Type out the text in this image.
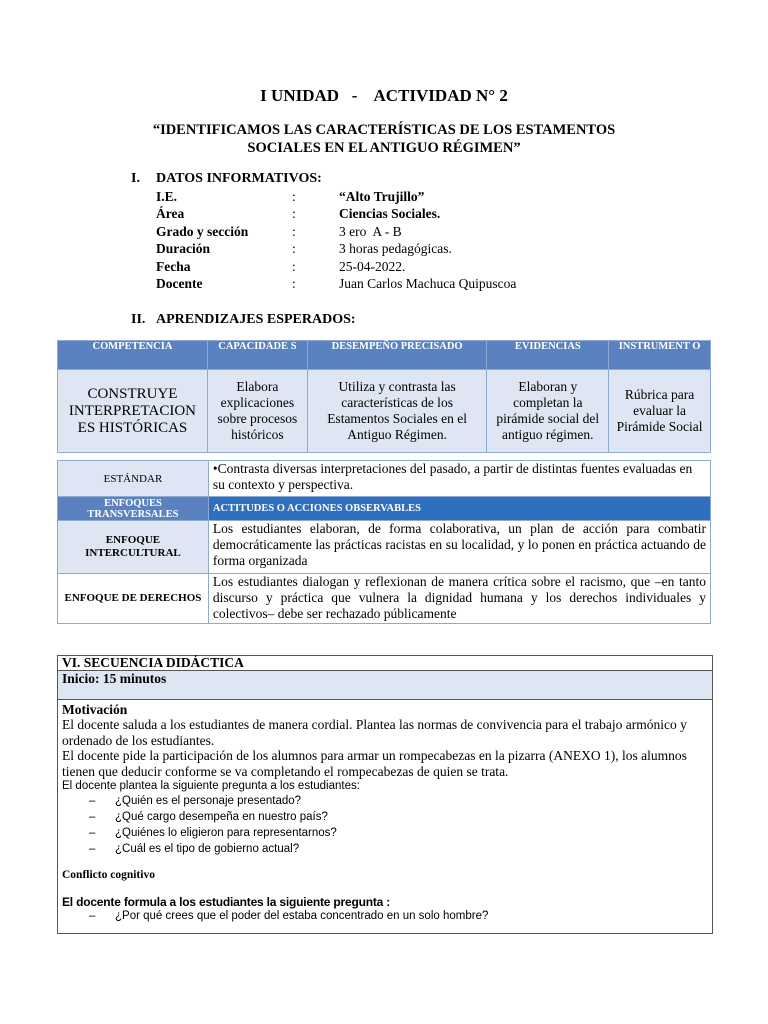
I UNIDAD   -    ACTIVIDAD N° 2
“IDENTIFICAMOS LAS CARACTERÍSTICAS DE LOS ESTAMENTOS
SOCIALES EN EL ANTIGUO RÉGIMEN”
I. DATOS INFORMATIVOS:
I.E.	:	“Alto Trujillo”
Área	:	Ciencias Sociales.
Grado y sección	:	3 ero  A - B
Duración	:	3 horas pedagógicas.
Fecha	:	25-04-2022.
Docente	:	Juan Carlos Machuca Quipuscoa
II. APRENDIZAJES ESPERADOS:
COMPETENCIA	CAPACIDADE S	DESEMPEÑO PRECISADO	EVIDENCIAS	INSTRUMENT O
CONSTRUYE INTERPRETACION ES HISTÓRICAS	Elabora explicaciones sobre procesos históricos	Utiliza y contrasta las características de los Estamentos Sociales en el Antiguo Régimen.	Elaboran y completan la pirámide social del antiguo régimen.	Rúbrica para evaluar la Pirámide Social
ESTÁNDAR	•Contrasta diversas interpretaciones del pasado, a partir de distintas fuentes evaluadas en su contexto y perspectiva.
ENFOQUES TRANSVERSALES	ACTITUDES O ACCIONES OBSERVABLES
ENFOQUE INTERCULTURAL	Los estudiantes elaboran, de forma colaborativa, un plan de acción para combatir democráticamente las prácticas racistas en su localidad, y lo ponen en práctica actuando de forma organizada
ENFOQUE DE DERECHOS	Los estudiantes dialogan y reflexionan de manera crítica sobre el racismo, que –en tanto discurso y práctica que vulnera la dignidad humana y los derechos individuales y colectivos– debe ser rechazado públicamente
VI. SECUENCIA DIDÁCTICA
Inicio: 15 minutos

Motivación
El docente saluda a los estudiantes de manera cordial. Plantea las normas de convivencia para el trabajo armónico y ordenado de los estudiantes.
El docente pide la participación de los alumnos para armar un rompecabezas en la pizarra (ANEXO 1), los alumnos tienen que deducir conforme se va completando el rompecabezas de quien se trata.
El docente plantea la siguiente pregunta a los estudiantes:
– ¿Quién es el personaje presentado?
– ¿Qué cargo desempeña en nuestro país?
– ¿Quiénes lo eligieron para representarnos?
– ¿Cuál es el tipo de gobierno actual?
Conflicto cognitivo
El docente formula a los estudiantes la siguiente pregunta :
– ¿Por qué crees que el poder del estaba concentrado en un solo hombre?
